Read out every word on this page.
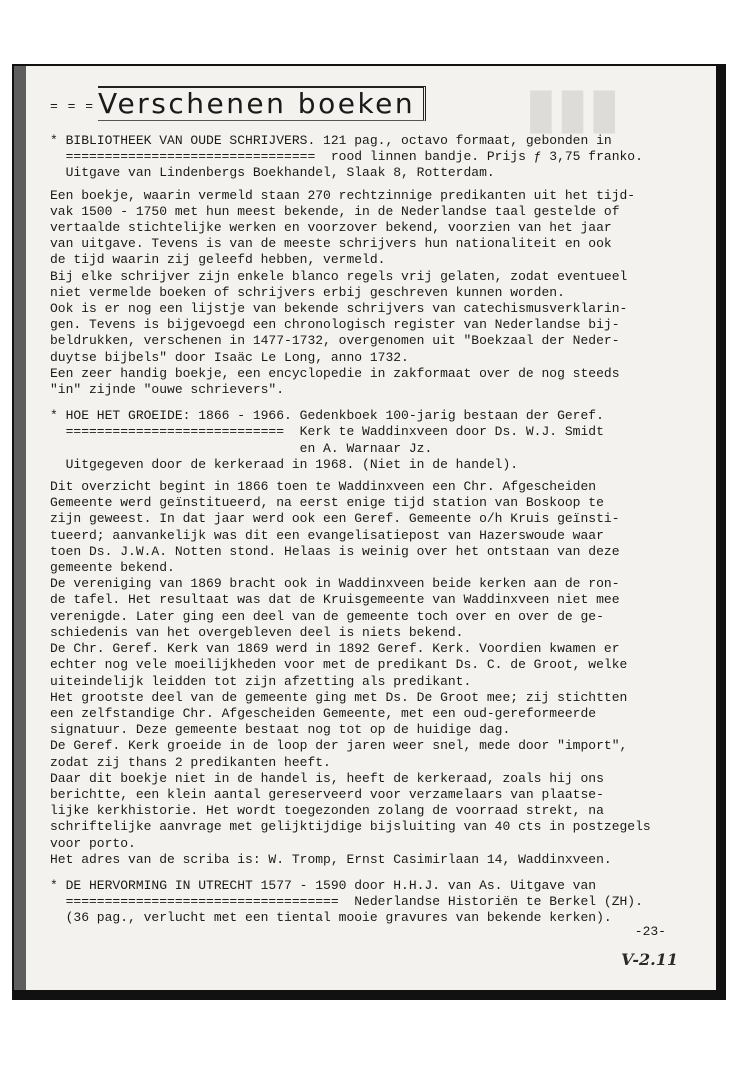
▮▮▮
= = = Verschenen boeken

* BIBLIOTHEEK VAN OUDE SCHRIJVERS. 121 pag., octavo formaat, gebonden in

================================  rood linnen bandje. Prijs ƒ 3,75 franko.

Uitgave van Lindenbergs Boekhandel, Slaak 8, Rotterdam.

Een boekje, waarin vermeld staan 270 rechtzinnige predikanten uit het tijd-

vak 1500 - 1750 met hun meest bekende, in de Nederlandse taal gestelde of

vertaalde stichtelijke werken en voorzover bekend, voorzien van het jaar

van uitgave. Tevens is van de meeste schrijvers hun nationaliteit en ook

de tijd waarin zij geleefd hebben, vermeld.

Bij elke schrijver zijn enkele blanco regels vrij gelaten, zodat eventueel

niet vermelde boeken of schrijvers erbij geschreven kunnen worden.

Ook is er nog een lijstje van bekende schrijvers van catechismusverklarin-

gen. Tevens is bijgevoegd een chronologisch register van Nederlandse bij-

beldrukken, verschenen in 1477-1732, overgenomen uit "Boekzaal der Neder-

duytse bijbels" door Isaäc Le Long, anno 1732.

Een zeer handig boekje, een encyclopedie in zakformaat over de nog steeds

"in" zijnde "ouwe schrievers".

* HOE HET GROEIDE: 1866 - 1966. Gedenkboek 100-jarig bestaan der Geref.

============================  Kerk te Waddinxveen door Ds. W.J. Smidt

en A. Warnaar Jz.

Uitgegeven door de kerkeraad in 1968. (Niet in de handel).

Dit overzicht begint in 1866 toen te Waddinxveen een Chr. Afgescheiden

Gemeente werd geïnstitueerd, na eerst enige tijd station van Boskoop te

zijn geweest. In dat jaar werd ook een Geref. Gemeente o/h Kruis geïnsti-

tueerd; aanvankelijk was dit een evangelisatiepost van Hazerswoude waar

toen Ds. J.W.A. Notten stond. Helaas is weinig over het ontstaan van deze

gemeente bekend.

De vereniging van 1869 bracht ook in Waddinxveen beide kerken aan de ron-

de tafel. Het resultaat was dat de Kruisgemeente van Waddinxveen niet mee

verenigde. Later ging een deel van de gemeente toch over en over de ge-

schiedenis van het overgebleven deel is niets bekend.

De Chr. Geref. Kerk van 1869 werd in 1892 Geref. Kerk. Voordien kwamen er

echter nog vele moeilijkheden voor met de predikant Ds. C. de Groot, welke

uiteindelijk leidden tot zijn afzetting als predikant.

Het grootste deel van de gemeente ging met Ds. De Groot mee; zij stichtten

een zelfstandige Chr. Afgescheiden Gemeente, met een oud-gereformeerde

signatuur. Deze gemeente bestaat nog tot op de huidige dag.

De Geref. Kerk groeide in de loop der jaren weer snel, mede door "import",

zodat zij thans 2 predikanten heeft.

Daar dit boekje niet in de handel is, heeft de kerkeraad, zoals hij ons

berichtte, een klein aantal gereserveerd voor verzamelaars van plaatse-

lijke kerkhistorie. Het wordt toegezonden zolang de voorraad strekt, na

schriftelijke aanvrage met gelijktijdige bijsluiting van 40 cts in postzegels

voor porto.

Het adres van de scriba is: W. Tromp, Ernst Casimirlaan 14, Waddinxveen.

* DE HERVORMING IN UTRECHT 1577 - 1590 door H.H.J. van As. Uitgave van

===================================  Nederlandse Historiën te Berkel (ZH).

(36 pag., verlucht met een tiental mooie gravures van bekende kerken).

-23-
V-2.11
